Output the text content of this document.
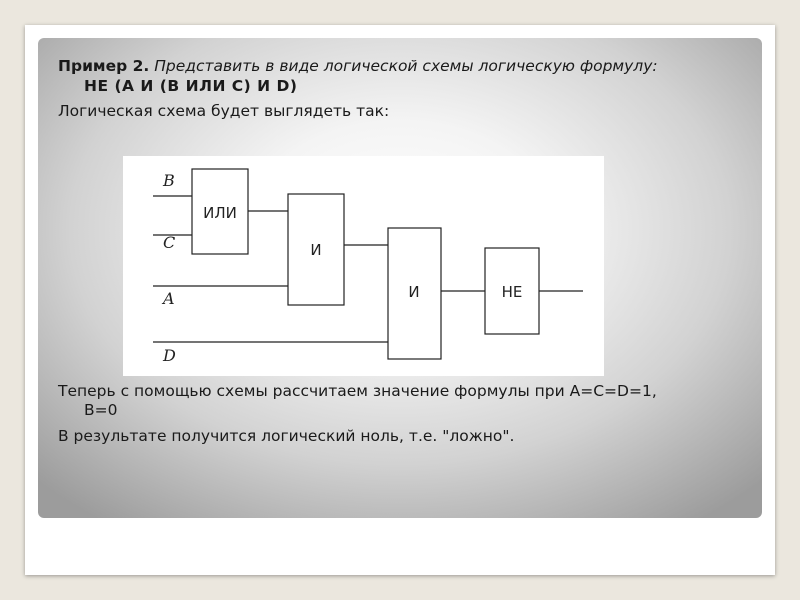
Пример 2. Представить в виде логической схемы логическую формулу:
НЕ (А И (В ИЛИ С) И D)
Логическая схема будет выглядеть так:
ИЛИ
И
И	НЕ
B
C
A
D
Теперь с помощью схемы рассчитаем значение формулы при А=С=D=1,
В=0
В результате получится логический ноль, т.е. "ложно".
